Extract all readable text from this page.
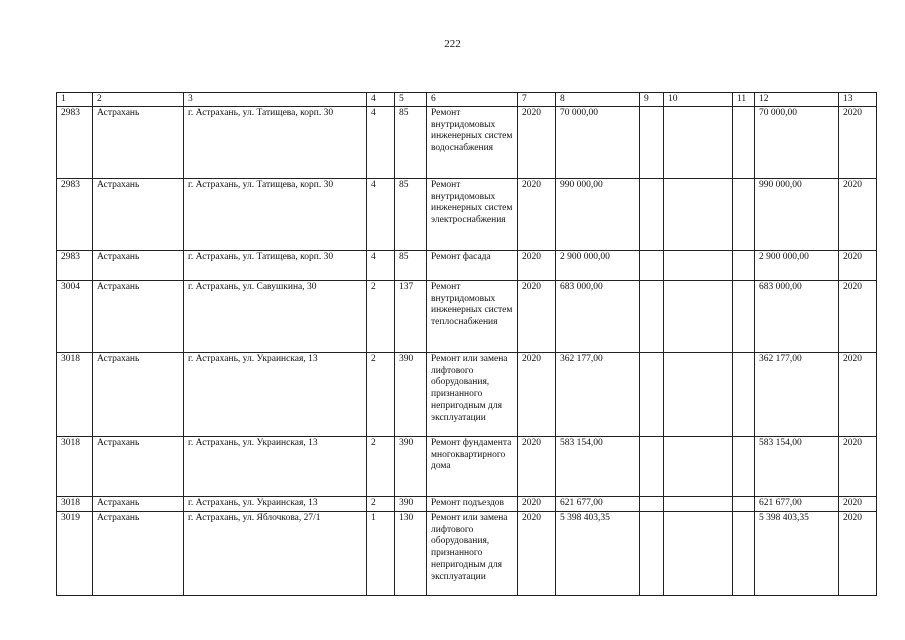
222
1	2	3	4	5	6	7	8	9	10	11	12	13
2983	Астрахань	г. Астрахань, ул. Татищева, корп. 30	4	85	Ремонт внутридомовых инженерных систем водоснабжения	2020	70 000,00				70 000,00	2020
2983	Астрахань	г. Астрахань, ул. Татищева, корп. 30	4	85	Ремонт внутридомовых инженерных систем электроснабжения	2020	990 000,00				990 000,00	2020
2983	Астрахань	г. Астрахань, ул. Татищева, корп. 30	4	85	Ремонт фасада	2020	2 900 000,00				2 900 000,00	2020
3004	Астрахань	г. Астрахань, ул. Савушкина, 30	2	137	Ремонт внутридомовых инженерных систем теплоснабжения	2020	683 000,00				683 000,00	2020
3018	Астрахань	г. Астрахань, ул. Украинская, 13	2	390	Ремонт или замена лифтового оборудования, признанного непригодным для эксплуатации	2020	362 177,00				362 177,00	2020
3018	Астрахань	г. Астрахань, ул. Украинская, 13	2	390	Ремонт фундамента многоквартирного дома	2020	583 154,00				583 154,00	2020
3018	Астрахань	г. Астрахань, ул. Украинская, 13	2	390	Ремонт подъездов	2020	621 677,00				621 677,00	2020
3019	Астрахань	г. Астрахань, ул. Яблочкова, 27/1	1	130	Ремонт или замена лифтового оборудования, признанного непригодным для эксплуатации	2020	5 398 403,35				5 398 403,35	2020
